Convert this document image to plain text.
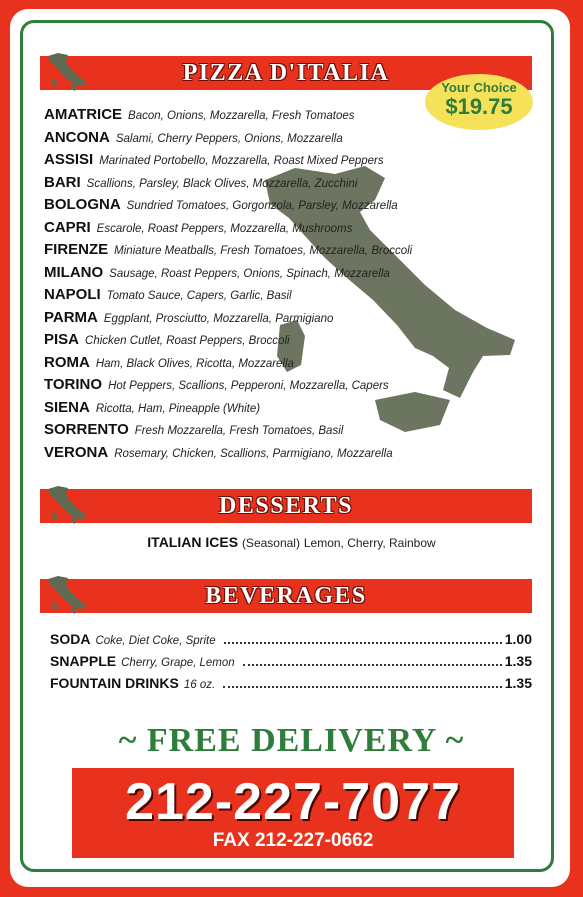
PIZZA D'ITALIA
Your Choice
$19.75
AMATRICE Bacon, Onions, Mozzarella, Fresh Tomatoes
ANCONA Salami, Cherry Peppers, Onions, Mozzarella
ASSISI Marinated Portobello, Mozzarella, Roast Mixed Peppers
BARI Scallions, Parsley, Black Olives, Mozzarella, Zucchini
BOLOGNA Sundried Tomatoes, Gorgonzola, Parsley, Mozzarella
CAPRI Escarole, Roast Peppers, Mozzarella, Mushrooms
FIRENZE Miniature Meatballs, Fresh Tomatoes, Mozzarella, Broccoli
MILANO Sausage, Roast Peppers, Onions, Spinach, Mozzarella
NAPOLI Tomato Sauce, Capers, Garlic, Basil
PARMA Eggplant, Prosciutto, Mozzarella, Parmigiano
PISA Chicken Cutlet, Roast Peppers, Broccoli
ROMA Ham, Black Olives, Ricotta, Mozzarella
TORINO Hot Peppers, Scallions, Pepperoni, Mozzarella, Capers
SIENA Ricotta, Ham, Pineapple (White)
SORRENTO Fresh Mozzarella, Fresh Tomatoes, Basil
VERONA Rosemary, Chicken, Scallions, Parmigiano, Mozzarella
DESSERTS
ITALIAN ICES (Seasonal) Lemon, Cherry, Rainbow
BEVERAGES
SODA Coke, Diet Coke, Sprite	1.00
SNAPPLE Cherry, Grape, Lemon	1.35
FOUNTAIN DRINKS 16 oz.	1.35
~ FREE DELIVERY ~
212-227-7077
FAX 212-227-0662
